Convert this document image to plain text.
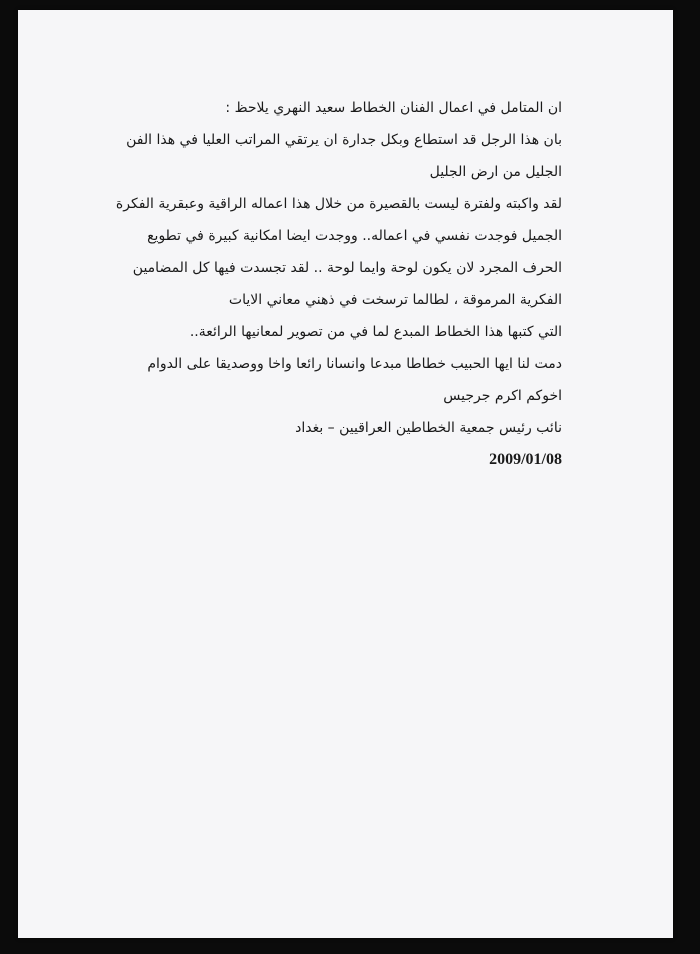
ان المتامل في اعمال الفنان الخطاط سعيد النهري يلاحظ :
بان هذا الرجل قد استطاع وبكل جدارة ان يرتقي المراتب العليا في هذا الفن
الجليل من ارض الجليل
لقد واكبته ولفترة ليست بالقصيرة من خلال هذا اعماله الراقية وعبقرية الفكرة
الجميل فوجدت نفسي في اعماله.. ووجدت ايضا امكانية كبيرة في تطويع
الحرف المجرد لان يكون لوحة وايما لوحة .. لقد تجسدت فيها كل المضامين
الفكرية المرموقة ، لطالما ترسخت في ذهني معاني الايات
التي كتبها هذا الخطاط المبدع لما في من تصوير لمعانيها الرائعة..
دمت لنا ايها الحبيب خطاطا مبدعا وانسانا رائعا واخا ووصديقا على الدوام
اخوكم اكرم جرجيس
نائب رئيس جمعية الخطاطين العراقيين – بغداد
2009/01/08
